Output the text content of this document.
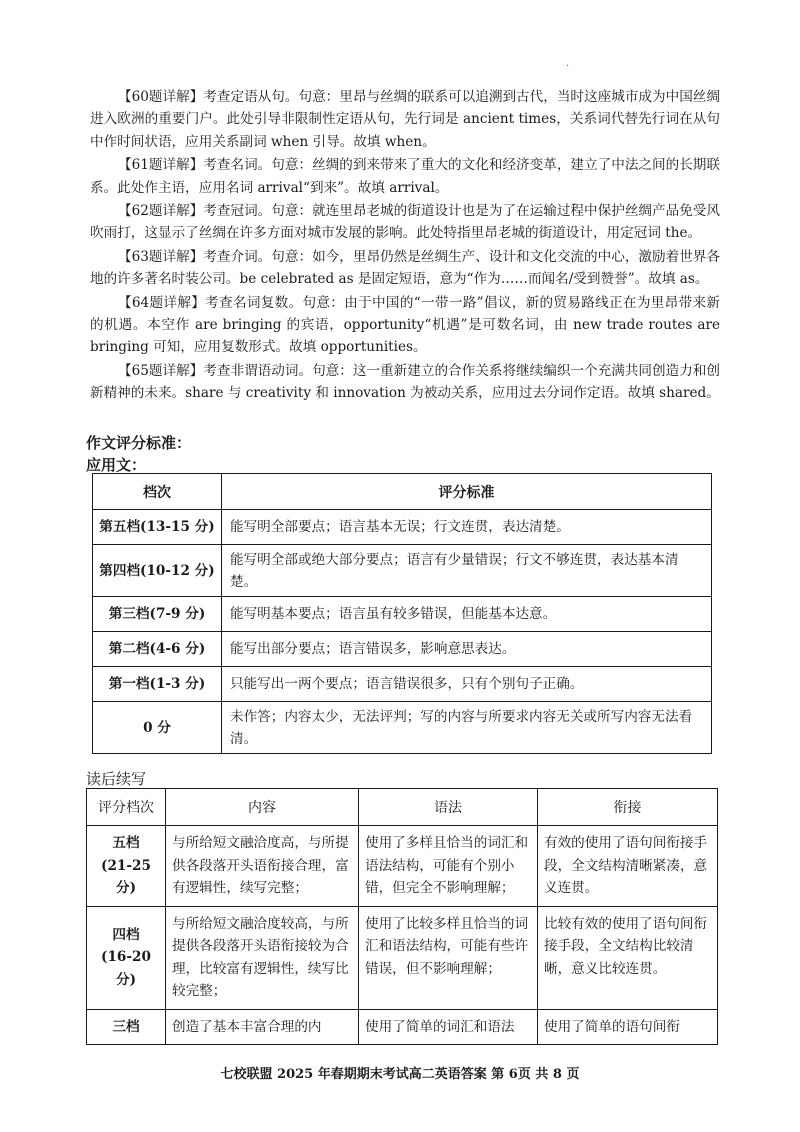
.

【60题详解】考查定语从句。句意：里昂与丝绸的联系可以追溯到古代，当时这座城市成为中国丝绸进入欧洲的重要门户。此处引导非限制性定语从句，先行词是 ancient times，关系词代替先行词在从句中作时间状语，应用关系副词 when 引导。故填 when。

【61题详解】考查名词。句意：丝绸的到来带来了重大的文化和经济变革，建立了中法之间的长期联系。此处作主语，应用名词 arrival“到来”。故填 arrival。

【62题详解】考查冠词。句意：就连里昂老城的街道设计也是为了在运输过程中保护丝绸产品免受风吹雨打，这显示了丝绸在许多方面对城市发展的影响。此处特指里昂老城的街道设计，用定冠词 the。

【63题详解】考查介词。句意：如今，里昂仍然是丝绸生产、设计和文化交流的中心，激励着世界各地的许多著名时装公司。be celebrated as 是固定短语，意为“作为……而闻名/受到赞誉”。故填 as。

【64题详解】考查名词复数。句意：由于中国的“一带一路”倡议，新的贸易路线正在为里昂带来新的机遇。本空作 are bringing 的宾语，opportunity“机遇”是可数名词，由 new trade routes are bringing 可知，应用复数形式。故填 opportunities。

【65题详解】考查非谓语动词。句意：这一重新建立的合作关系将继续编织一个充满共同创造力和创新精神的未来。share 与 creativity 和 innovation 为被动关系，应用过去分词作定语。故填 shared。

作文评分标准：
应用文：
档次	评分标准
第五档(13-15 分)	能写明全部要点；语言基本无误；行文连贯，表达清楚。
第四档(10-12 分)	能写明全部或绝大部分要点；语言有少量错误；行文不够连贯，表达基本清楚。
第三档(7-9 分)	能写明基本要点；语言虽有较多错误，但能基本达意。
第二档(4-6 分)	能写出部分要点；语言错误多，影响意思表达。
第一档(1-3 分)	只能写出一两个要点；语言错误很多，只有个别句子正确。
0 分	未作答；内容太少，无法评判；写的内容与所要求内容无关或所写内容无法看清。
读后续写
评分档次	内容	语法	衔接

五档
(21-25 分)	与所给短文融洽度高，与所提供各段落开头语衔接合理，富有逻辑性，续写完整；	使用了多样且恰当的词汇和语法结构，可能有个别小错，但完全不影响理解；	有效的使用了语句间衔接手段，全文结构清晰紧凑，意义连贯。

四档
(16-20 分)	与所给短文融洽度较高，与所提供各段落开头语衔接较为合理，比较富有逻辑性，续写比较完整；	使用了比较多样且恰当的词汇和语法结构，可能有些许错误，但不影响理解；	比较有效的使用了语句间衔接手段，全文结构比较清晰，意义比较连贯。

三档	创造了基本丰富合理的内	使用了简单的词汇和语法	使用了简单的语句间衔
七校联盟 2025 年春期期末考试高二英语答案 第 6页 共 8 页
